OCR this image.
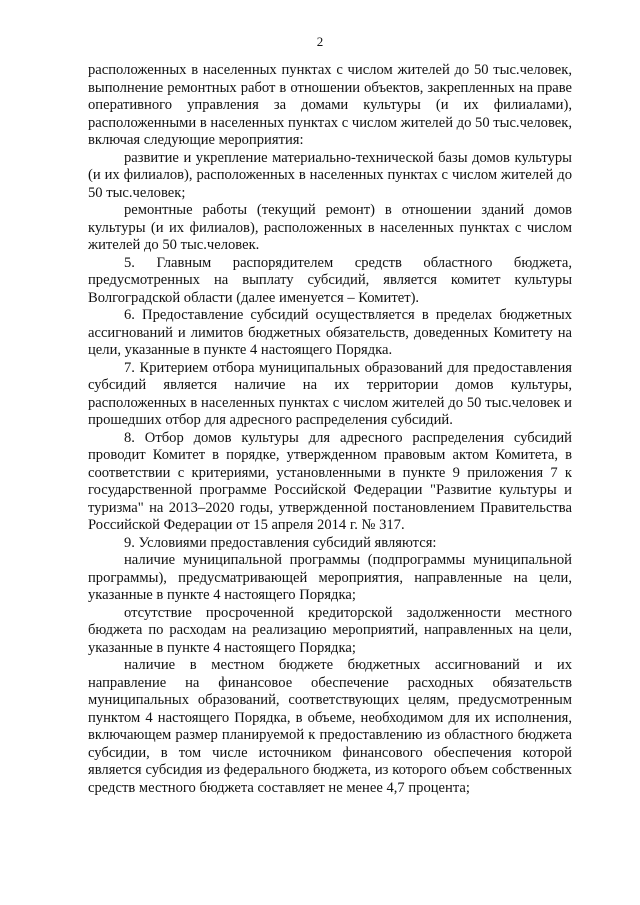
2

расположенных в населенных пунктах с числом жителей до 50 тыс.человек, выполнение ремонтных работ в отношении объектов, закрепленных на праве оперативного управления за домами культуры (и их филиалами), расположенными в населенных пунктах с числом жителей до 50 тыс.человек, включая следующие мероприятия:

развитие и укрепление материально-технической базы домов культуры (и их филиалов), расположенных в населенных пунктах с числом жителей до 50 тыс.человек;

ремонтные работы (текущий ремонт) в отношении зданий домов культуры (и их филиалов), расположенных в населенных пунктах с числом жителей до 50 тыс.человек.

5. Главным распорядителем средств областного бюджета, предусмотренных на выплату субсидий, является комитет культуры Волгоградской области (далее именуется – Комитет).

6. Предоставление субсидий осуществляется в пределах бюджетных ассигнований и лимитов бюджетных обязательств, доведенных Комитету на цели, указанные в пункте 4 настоящего Порядка.

7. Критерием отбора муниципальных образований для предоставления субсидий является наличие на их территории домов культуры, расположенных в населенных пунктах с числом жителей до 50 тыс.человек и прошедших отбор для адресного распределения субсидий.

8. Отбор домов культуры для адресного распределения субсидий проводит Комитет в порядке, утвержденном правовым актом Комитета, в соответствии с критериями, установленными в пункте 9 приложения 7 к государственной программе Российской Федерации "Развитие культуры и туризма" на 2013–2020 годы, утвержденной постановлением Правительства Российской Федерации от 15 апреля 2014 г. № 317.

9. Условиями предоставления субсидий являются:

наличие муниципальной программы (подпрограммы муниципальной программы), предусматривающей мероприятия, направленные на цели, указанные в пункте 4 настоящего Порядка;

отсутствие просроченной кредиторской задолженности местного бюджета по расходам на реализацию мероприятий, направленных на цели, указанные в пункте 4 настоящего Порядка;

наличие в местном бюджете бюджетных ассигнований и их направление на финансовое обеспечение расходных обязательств муниципальных образований, соответствующих целям, предусмотренным пунктом 4 настоящего Порядка, в объеме, необходимом для их исполнения, включающем размер планируемой к предоставлению из областного бюджета субсидии, в том числе источником финансового обеспечения которой является субсидия из федерального бюджета, из которого объем собственных средств местного бюджета составляет не менее 4,7 процента;
